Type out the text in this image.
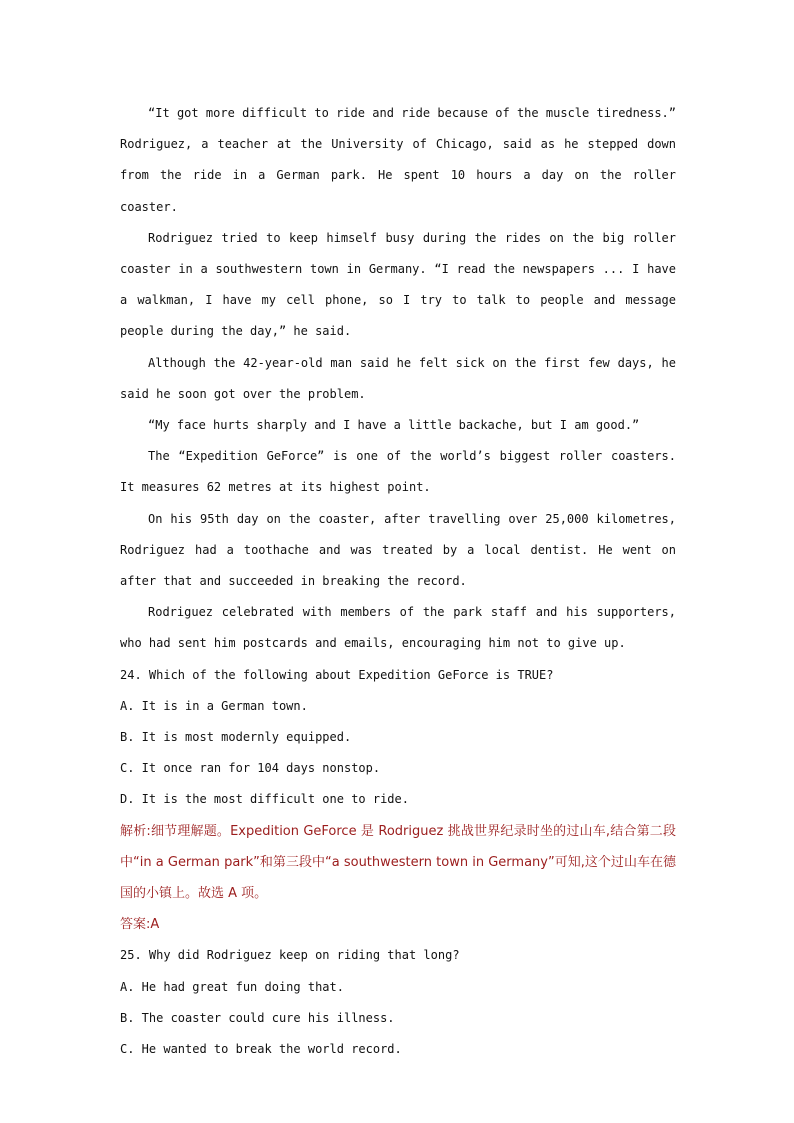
“It got more difficult to ride and ride because of the muscle tiredness.” Rodriguez, a teacher at the University of Chicago, said as he stepped down from the ride in a German park. He spent 10 hours a day on the roller coaster.

Rodriguez tried to keep himself busy during the rides on the big roller coaster in a southwestern town in Germany. “I read the newspapers ... I have a walkman, I have my cell phone, so I try to talk to people and message people during the day,” he said.

Although the 42-year-old man said he felt sick on the first few days, he said he soon got over the problem.

“My face hurts sharply and I have a little backache, but I am good.”

The “Expedition GeForce” is one of the world’s biggest roller coasters. It measures 62 metres at its highest point.

On his 95th day on the coaster, after travelling over 25,000 kilometres, Rodriguez had a toothache and was treated by a local dentist. He went on after that and succeeded in breaking the record.

Rodriguez celebrated with members of the park staff and his supporters, who had sent him postcards and emails, encouraging him not to give up.

24. Which of the following about Expedition GeForce is TRUE?

A. It is in a German town.

B. It is most modernly equipped.

C. It once ran for 104 days nonstop.

D. It is the most difficult one to ride.

解析:细节理解题。Expedition GeForce 是 Rodriguez 挑战世界纪录时坐的过山车,结合第二段中“in a German park”和第三段中“a southwestern town in Germany”可知,这个过山车在德国的小镇上。故选 A 项。

答案:A

25. Why did Rodriguez keep on riding that long?

A. He had great fun doing that.

B. The coaster could cure his illness.

C. He wanted to break the world record.
